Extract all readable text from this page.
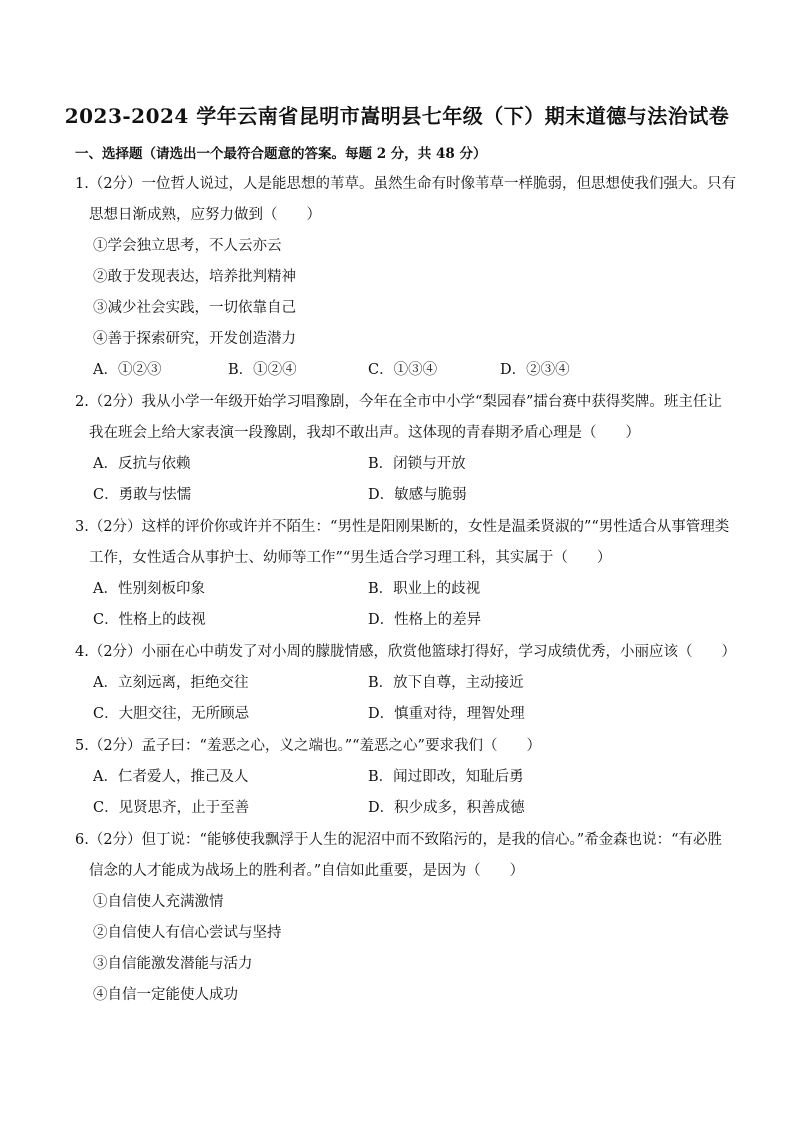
2023-2024 学年云南省昆明市嵩明县七年级（下）期末道德与法治试卷
一、选择题（请选出一个最符合题意的答案。每题 2 分，共 48 分）
1.（2分）一位哲人说过，人是能思想的苇草。虽然生命有时像苇草一样脆弱，但思想使我们强大。只有
思想日渐成熟，应努力做到（　　）
①学会独立思考，不人云亦云
②敢于发现表达，培养批判精神
③减少社会实践，一切依靠自己
④善于探索研究，开发创造潜力
A．①②③	B．①②④	C．①③④	D．②③④
2.（2分）我从小学一年级开始学习唱豫剧，今年在全市中小学“梨园春”擂台赛中获得奖牌。班主任让
我在班会上给大家表演一段豫剧，我却不敢出声。这体现的青春期矛盾心理是（　　）
A．反抗与依赖	B．闭锁与开放
C．勇敢与怯懦	D．敏感与脆弱
3.（2分）这样的评价你或许并不陌生：“男性是阳刚果断的，女性是温柔贤淑的”“男性适合从事管理类
工作，女性适合从事护士、幼师等工作”“男生适合学习理工科，其实属于（　　）
A．性别刻板印象	B．职业上的歧视
C．性格上的歧视	D．性格上的差异
4.（2分）小丽在心中萌发了对小周的朦胧情感，欣赏他篮球打得好，学习成绩优秀，小丽应该（　　）
A．立刻远离，拒绝交往	B．放下自尊，主动接近
C．大胆交往，无所顾忌	D．慎重对待，理智处理
5.（2分）孟子曰：“羞恶之心，义之端也。”“羞恶之心”要求我们（　　）
A．仁者爱人，推己及人	B．闻过即改，知耻后勇
C．见贤思齐，止于至善	D．积少成多，积善成德
6.（2分）但丁说：“能够使我飘浮于人生的泥沼中而不致陷污的，是我的信心。”希金森也说：“有必胜
信念的人才能成为战场上的胜利者。”自信如此重要，是因为（　　）
①自信使人充满激情
②自信使人有信心尝试与坚持
③自信能激发潜能与活力
④自信一定能使人成功
